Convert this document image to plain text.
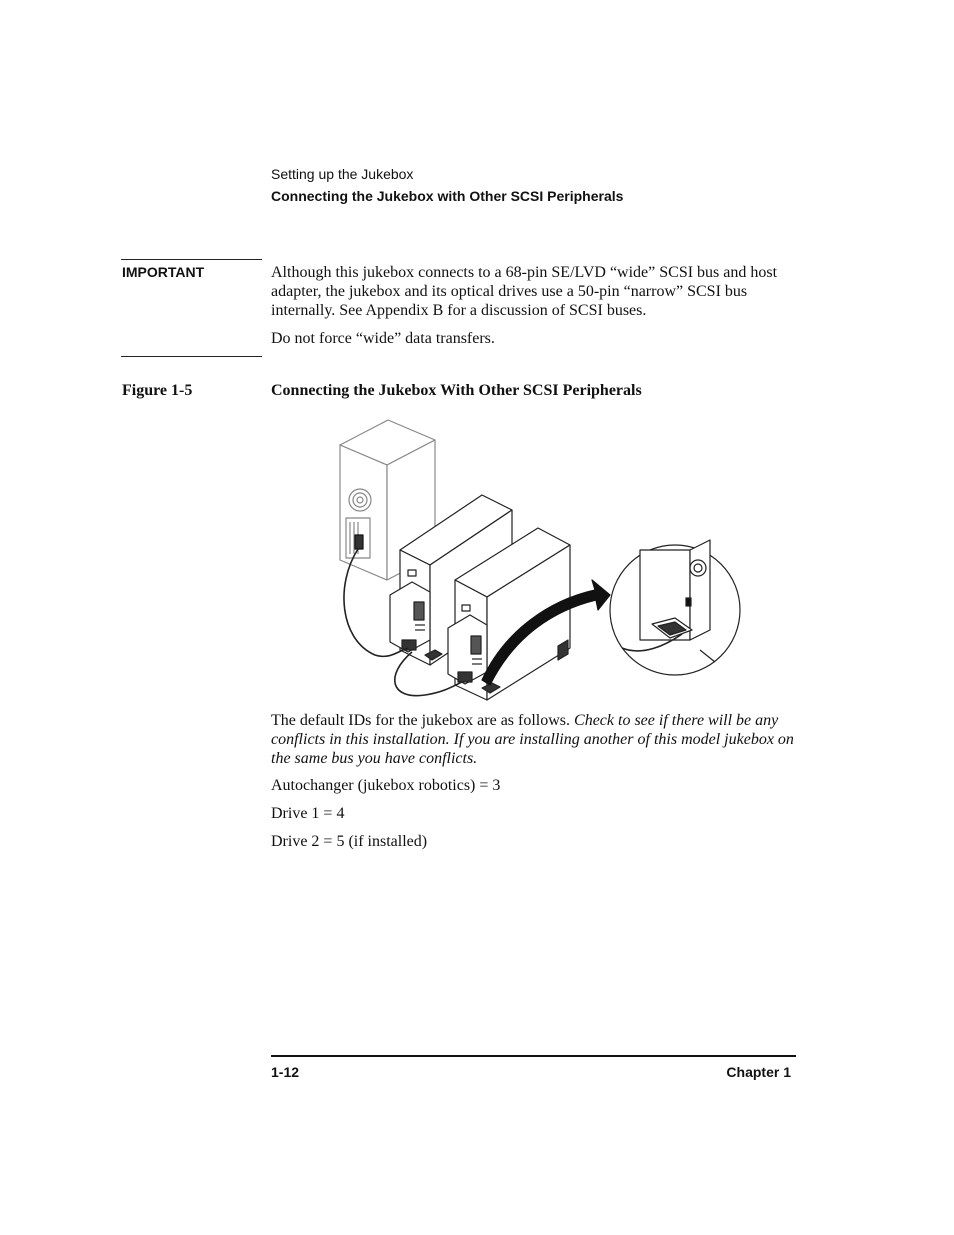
Setting up the Jukebox
Connecting the Jukebox with Other SCSI Peripherals
IMPORTANT	Although this jukebox connects to a 68-pin SE/LVD “wide” SCSI bus and host adapter, the jukebox and its optical drives use a 50-pin “narrow” SCSI bus internally. See Appendix B for a discussion of SCSI buses.
Do not force “wide” data transfers.
Figure 1-5	Connecting the Jukebox With Other SCSI Peripherals
The default IDs for the jukebox are as follows. Check to see if there will be any conflicts in this installation. If you are installing another of this model jukebox on the same bus you have conflicts.
Autochanger (jukebox robotics) = 3
Drive 1 = 4
Drive 2 = 5 (if installed)
1-12	Chapter 1
